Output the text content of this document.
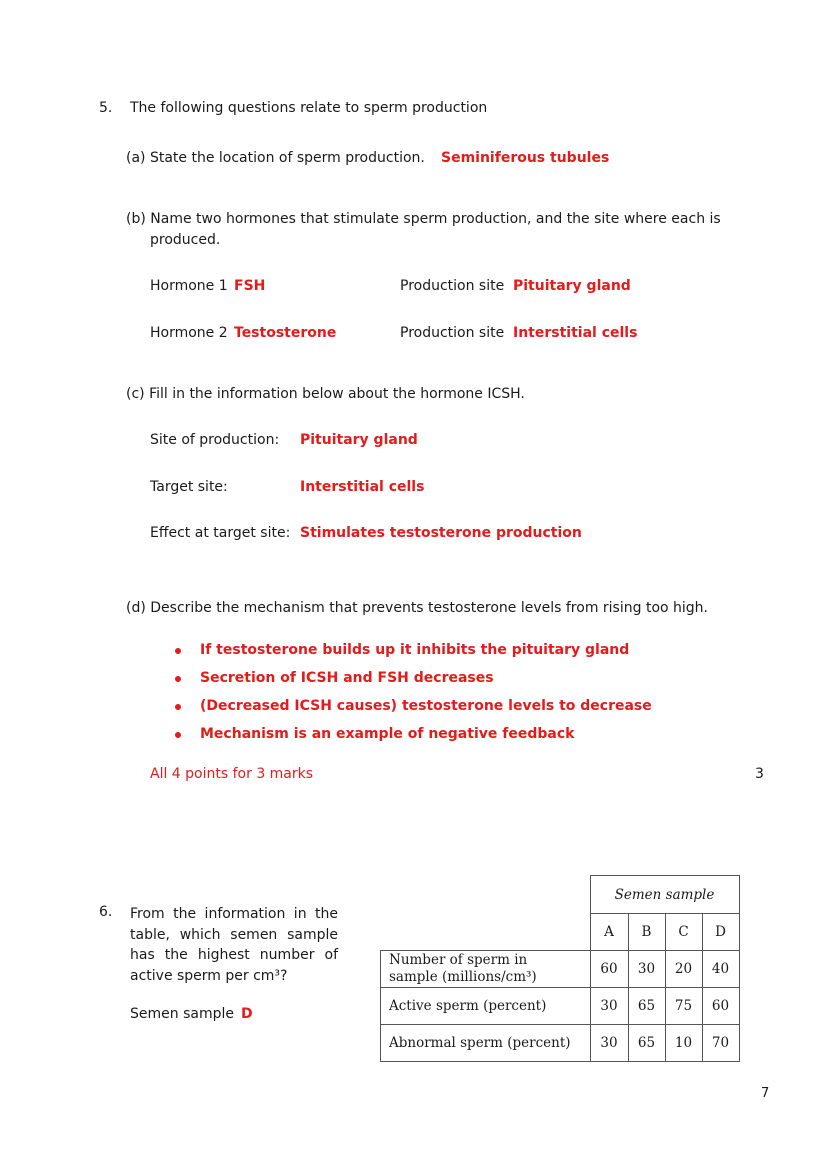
5. The following questions relate to sperm production
(a) State the location of sperm production. Seminiferous tubules
(b) Name two hormones that stimulate sperm production, and the site where each is
produced.
Hormone 1 FSH	Production site Pituitary gland
Hormone 2 Testosterone	Production site Interstitial cells
(c) Fill in the information below about the hormone ICSH.
Site of production: Pituitary gland
Target site:	Interstitial cells
Effect at target site: Stimulates testosterone production
(d) Describe the mechanism that prevents testosterone levels from rising too high.
If testosterone builds up it inhibits the pituitary gland
Secretion of ICSH and FSH decreases
(Decreased ICSH causes) testosterone levels to decrease
Mechanism is an example of negative feedback
All 4 points for 3 marks	3
6. From the information in the table, which semen sample has the highest number of active sperm per cm³?
Semen sample D
	Semen sample			
	A	B	C	D

Number of sperm in
sample (millions/cm³)	60	30	20	40
Active sperm (percent)	30	65	75	60
Abnormal sperm (percent)	30	65	10	70
7
